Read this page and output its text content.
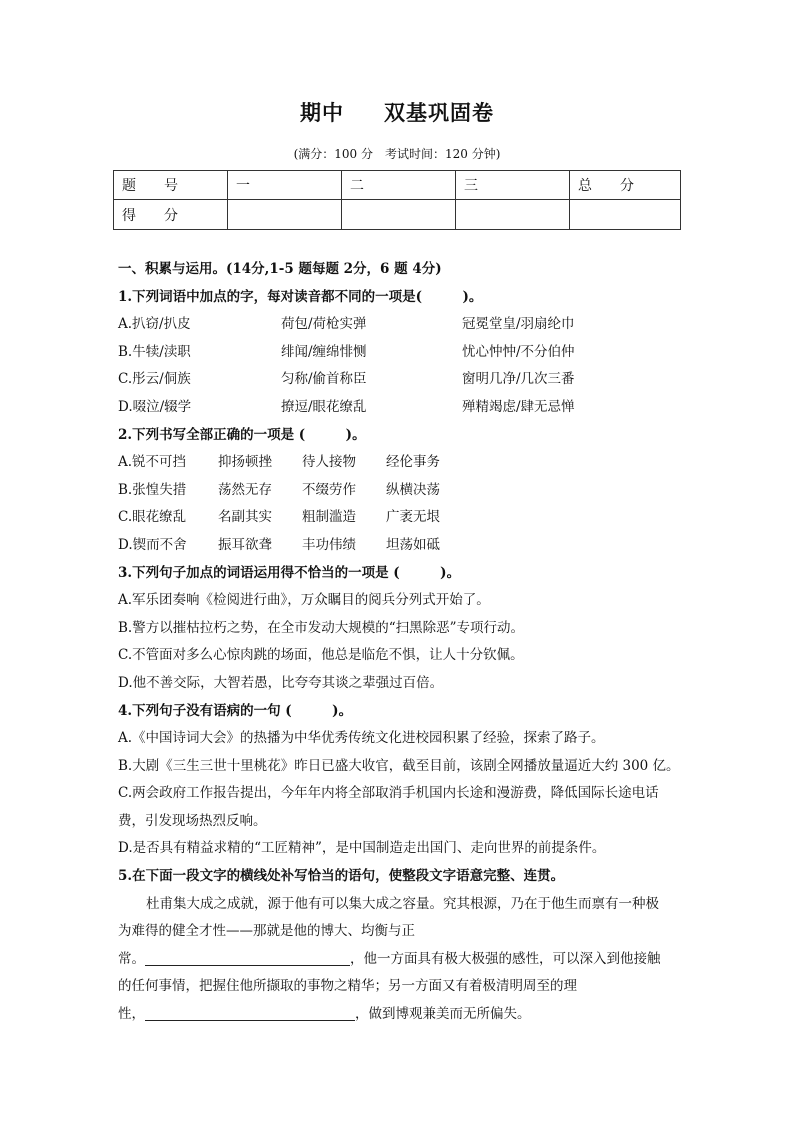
期中 双基巩固卷
(满分：100 分　考试时间：120 分钟)
题　　号	一	二	三	总　　分
得　　分				
一、积累与运用。(14分,1-5 题每题 2分，6 题 4分)
1.下列词语中加点的字，每对读音都不同的一项是(　　　)。
A.扒窃/扒皮	荷包/荷枪实弹	冠冕堂皇/羽扇纶巾
B.牛犊/渎职	绯闻/缠绵悱恻	忧心忡忡/不分伯仲
C.彤云/侗族	匀称/偷首称臣	窗明几净/几次三番
D.啜泣/辍学	撩逗/眼花缭乱	殚精竭虑/肆无忌惮
2.下列书写全部正确的一项是 (　　　)。
A.锐不可挡 抑扬顿挫 待人接物 经伦事务
B.张惶失措 荡然无存 不缀劳作 纵横决荡
C.眼花缭乱 名副其实 粗制滥造 广袤无垠
D.锲而不舍 振耳欲聋 丰功伟绩 坦荡如砥
3.下列句子加点的词语运用得不恰当的一项是 (　　　)。
A.军乐团奏响《检阅进行曲》，万众瞩目的阅兵分列式开始了。
B.警方以摧枯拉朽之势，在全市发动大规模的“扫黑除恶”专项行动。
C.不管面对多么心惊肉跳的场面，他总是临危不惧，让人十分钦佩。
D.他不善交际，大智若愚，比夸夸其谈之辈强过百倍。
4.下列句子没有语病的一句 (　　　)。
A.《中国诗词大会》的热播为中华优秀传统文化进校园积累了经验，探索了路子。
B.大剧《三生三世十里桃花》昨日已盛大收官，截至目前，该剧全网播放量逼近大约 300 亿。
C.两会政府工作报告提出，今年年内将全部取消手机国内长途和漫游费，降低国际长途电话
费，引发现场热烈反响。
D.是否具有精益求精的“工匠精神”，是中国制造走出国门、走向世界的前提条件。
5.在下面一段文字的横线处补写恰当的语句，使整段文字语意完整、连贯。
杜甫集大成之成就，源于他有可以集大成之容量。究其根源，乃在于他生而禀有一种极
为难得的健全才性——那就是他的博大、均衡与正
常。	，他一方面具有极大极强的感性，可以深入到他接触
的任何事情，把握住他所撷取的事物之精华；另一方面又有着极清明周至的理
性，	，做到博观兼美而无所偏失。
